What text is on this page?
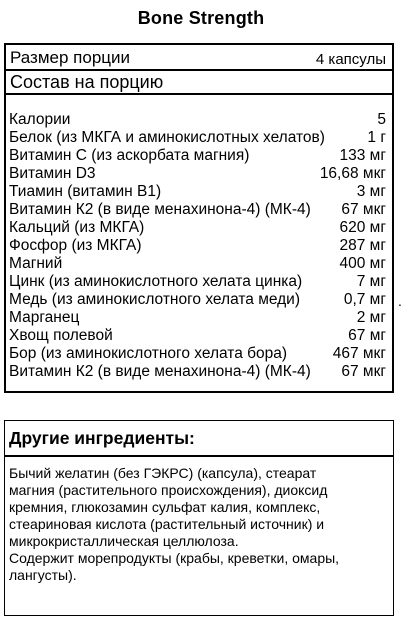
Bone Strength
Размер порции	4 капсулы
Состав на порцию
Калории	5
Белок (из МКГА и аминокислотных хелатов)	1 г
Витамин С (из аскорбата магния)	133 мг
Витамин D3	16,68 мкг
Тиамин (витамин В1)	3 мг
Витамин К2 (в виде менахинона-4) (МК-4) 67 мкг
Кальций (из МКГА)	620 мг
Фосфор (из МКГА)	287 мг
Магний	400 мг
Цинк (из аминокислотного хелата цинка)	7 мг
Медь (из аминокислотного хелата меди)	0,7 мг
Марганец	2 мг
Хвощ полевой	67 мг
Бор (из аминокислотного хелата бора)	467 мкг
Витамин К2 (в виде менахинона-4) (МК-4) 67 мкг
.
Другие ингредиенты:

Бычий желатин (без ГЭКРС) (капсула), стеарат

магния (растительного происхождения), диоксид

кремния, глюкозамин сульфат калия, комплекс,

стеариновая кислота (растительный источник) и

микрокристаллическая целлюлоза.

Содержит морепродукты (крабы, креветки, омары,

лангусты).
